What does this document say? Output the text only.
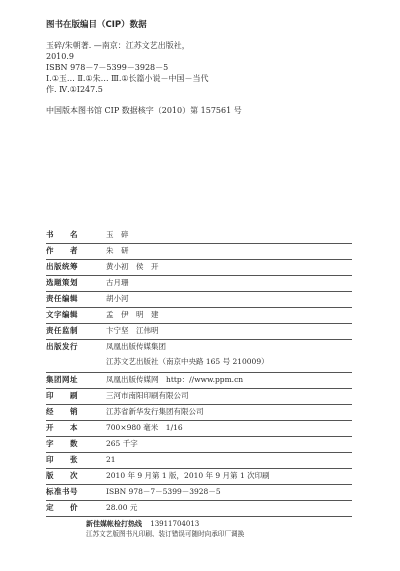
图书在版编目（CIP）数据
玉碎/朱朝著. —南京：江苏文艺出版社，
2010.9
ISBN 978－7－5399－3928－5
Ⅰ.①玉… Ⅱ.①朱… Ⅲ.①长篇小说－中国－当代
作. Ⅳ.①I247.5
中国版本图书馆 CIP 数据核字（2010）第 157561 号
书　　名	玉　碎
作　　者	朱　研
出版统筹	黄小初　侯　开
选题策划	古月珊
责任编辑	胡小河
文字编辑	孟　伊　明　建
责任监制	卞宁坚　江伟明
出版发行	凤凰出版传媒集团
江苏文艺出版社（南京中央路 165 号 210009）
集团网址	凤凰出版传媒网　http：//www.ppm.cn
印　　刷	三河市南阳印刷有限公司
经　　销	江苏省新华发行集团有限公司
开　　本	700×980 毫米　1/16
字　　数	265 千字
印　　张	21
版　　次	2010 年 9 月第 1 版，2010 年 9 月第 1 次印刷
标准书号	ISBN 978－7－5399－3928－5
定　　价	28.00 元
新佳媒帐检打热线 13911704013
江苏文艺版图书凡印刷、装订错误可随时向承印厂调换
